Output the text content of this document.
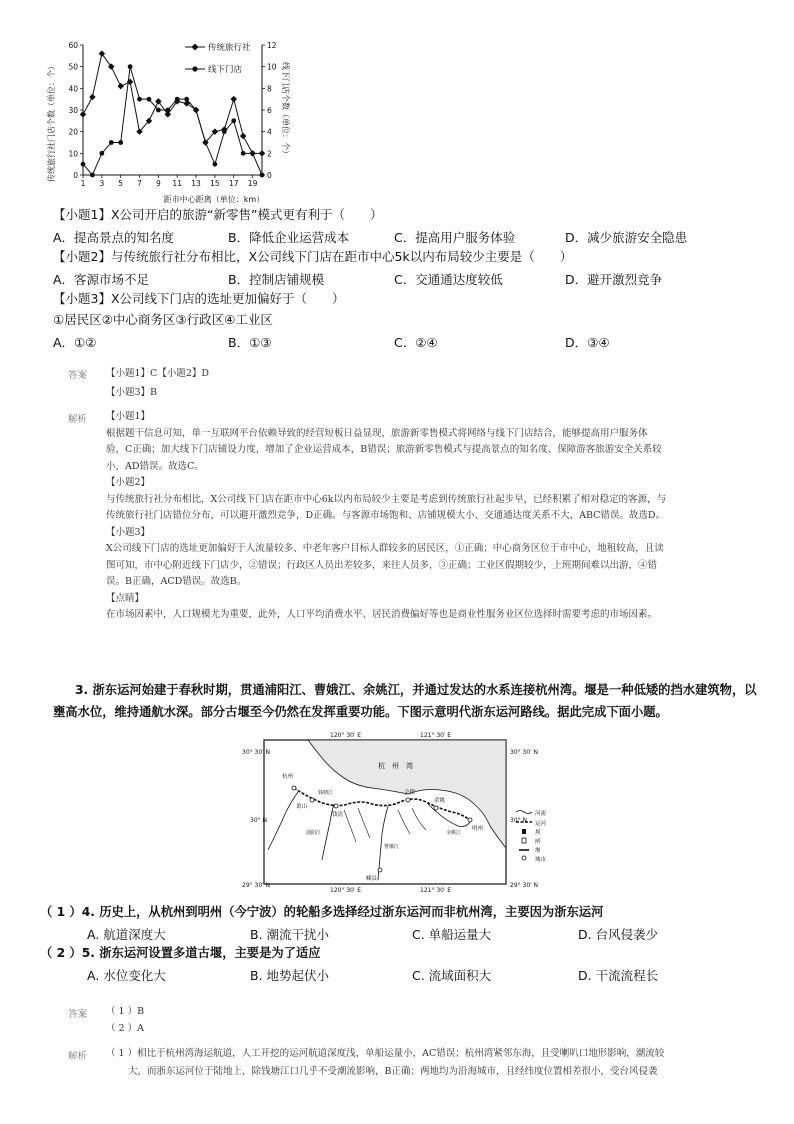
0
10
20
30
40
50
60
0
2
4
6
8
10
12
1 3 5 7 9 11 13 15 17 19
传统旅行社
线下门店
距市中心距离（单位：km）
传统旅行社门店个数（单位：个）	线下门店个数（单位：个）
【小题1】X公司开启的旅游“新零售”模式更有利于（　　）
A．提高景点的知名度	B．降低企业运营成本	C．提高用户服务体验	D．减少旅游安全隐患
【小题2】与传统旅行社分布相比，X公司线下门店在距市中心5k以内布局较少主要是（　　）
A．客源市场不足	B．控制店铺规模	C．交通通达度较低	D．避开激烈竞争
【小题3】X公司线下门店的选址更加偏好于（　　）
①居民区②中心商务区③行政区④工业区
A．①②	B．①③	C．②④	D．③④
答案 【小题1】C【小题2】D
【小题3】B
解析 【小题1】
根据题干信息可知，单一互联网平台依赖导致的经营短板日益显现，旅游新零售模式将网络与线下门店结合，能够提高用户服务体
验，C正确；加大线下门店铺设力度，增加了企业运营成本，B错误；旅游新零售模式与提高景点的知名度、保障游客旅游安全关系较
小，AD错误。故选C。
【小题2】
与传统旅行社分布相比，X公司线下门店在距市中心6k以内布局较少主要是考虑到传统旅行社起步早，已经积累了相对稳定的客源，与
传统旅行社门店错位分布，可以避开激烈竞争，D正确。与客源市场饱和、店铺规模大小、交通通达度关系不大，ABC错误。故选D。
【小题3】
X公司线下门店的选址更加偏好于人流量较多、中老年客户目标人群较多的居民区，①正确；中心商务区位于市中心，地租较高，且读
图可知，市中心附近线下门店少，②错误；行政区人员出差较多，来往人员多，③正确；工业区假期较少，上班期间难以出游，④错
误。B正确，ACD错误。故选B。
【点睛】
在市场因素中，人口规模尤为重要，此外，人口平均消费水平、居民消费偏好等也是商业性服务业区位选择时需要考虑的市场因素。
3. 浙东运河始建于春秋时期，贯通浦阳江、曹娥江、余姚江，并通过发达的水系连接杭州湾。堰是一种低矮的挡水建筑物，以
壅高水位，维持通航水深。部分古堰至今仍然在发挥重要功能。下图示意明代浙东运河路线。据此完成下面小题。
120° 30′ E	121° 30′ E
120° 30′ E	121° 30′ E
30° 30′ N	30° 30′ N
30° N	30° N
29° 30′ N	29° 30′ N
杭　州　湾
杭州
萧山
钱清
会稽
余姚
明州
嵊县
钱塘江
曹娥江
浦阳江	余姚江
河流
运河
坝
闸
堰
城市
（ 1 ）4. 历史上，从杭州到明州（今宁波）的轮船多选择经过浙东运河而非杭州湾，主要因为浙东运河
A. 航道深度大	B. 潮流干扰小	C. 单船运量大	D. 台风侵袭少
（ 2 ）5. 浙东运河设置多道古堰，主要是为了适应
A. 水位变化大	B. 地势起伏小	C. 流域面积大	D. 干流流程长
答案 （ 1 ）B
（ 2 ）A
解析 （ 1 ）相比于杭州湾海运航道，人工开挖的运河航道深度浅，单船运量小，AC错误；杭州湾紧邻东海，且受喇叭口地形影响，潮流较
大，而浙东运河位于陆地上，除钱塘江口几乎不受潮流影响，B正确；两地均为沿海城市，且经纬度位置相差很小，受台风侵袭
